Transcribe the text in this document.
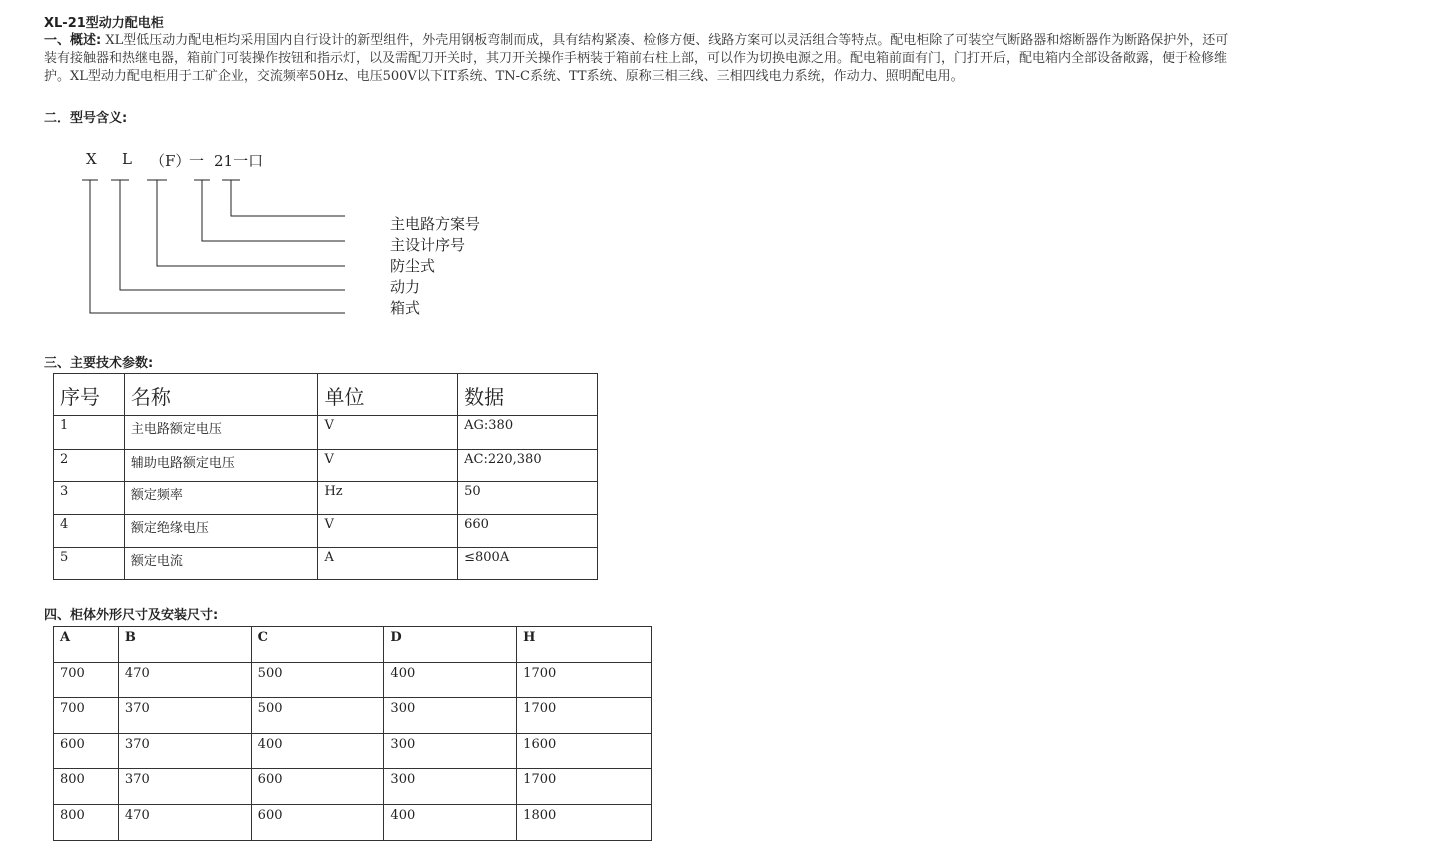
XL-21型动力配电柜
一、概述: XL型低压动力配电柜均采用国内自行设计的新型组件，外壳用钢板弯制而成，具有结构紧凑、检修方便、线路方案可以灵活组合等特点。配电柜除了可装空气断路器和熔断器作为断路保护外，还可装有接触器和热继电器，箱前门可装操作按钮和指示灯，以及需配刀开关时，其刀开关操作手柄装于箱前右柱上部，可以作为切换电源之用。配电箱前面有门，门打开后，配电箱内全部设备敞露，便于检修维护。XL型动力配电柜用于工矿企业，交流频率50Hz、电压500V以下IT系统、TN-C系统、TT系统、原称三相三线、三相四线电力系统，作动力、照明配电用。
二．型号含义:
X L （F）
一 21一口
主电路方案号
主设计序号
防尘式
动力
箱式
三、主要技术参数:
序号	名称	单位	数据
1	主电路额定电压	V	AG:380
2	辅助电路额定电压	V	AC:220,380
3	额定频率	Hz	50
4	额定绝缘电压	V	660
5	额定电流	A	≤800A
四、柜体外形尺寸及安装尺寸:
A	B	C	D	H
700	470	500	400	1700
700	370	500	300	1700
600	370	400	300	1600
800	370	600	300	1700
800	470	600	400	1800
